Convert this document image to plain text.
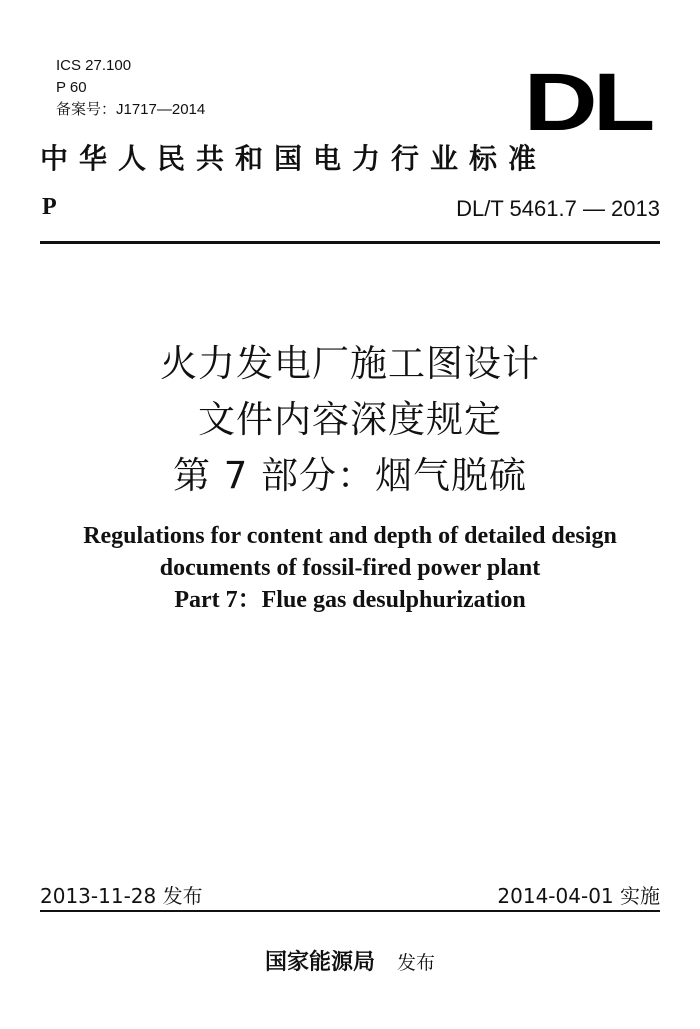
ICS 27.100
P 60
备案号：J1717—2014	DL
中华人民共和国电力行业标准
P	DL/T 5461.7 — 2013
火力发电厂施工图设计
文件内容深度规定
第 7 部分：烟气脱硫
Regulations for content and depth of detailed design
documents of fossil-fired power plant
Part 7：Flue gas desulphurization
2013-11-28 发布	2014-04-01 实施
国家能源局 发布
